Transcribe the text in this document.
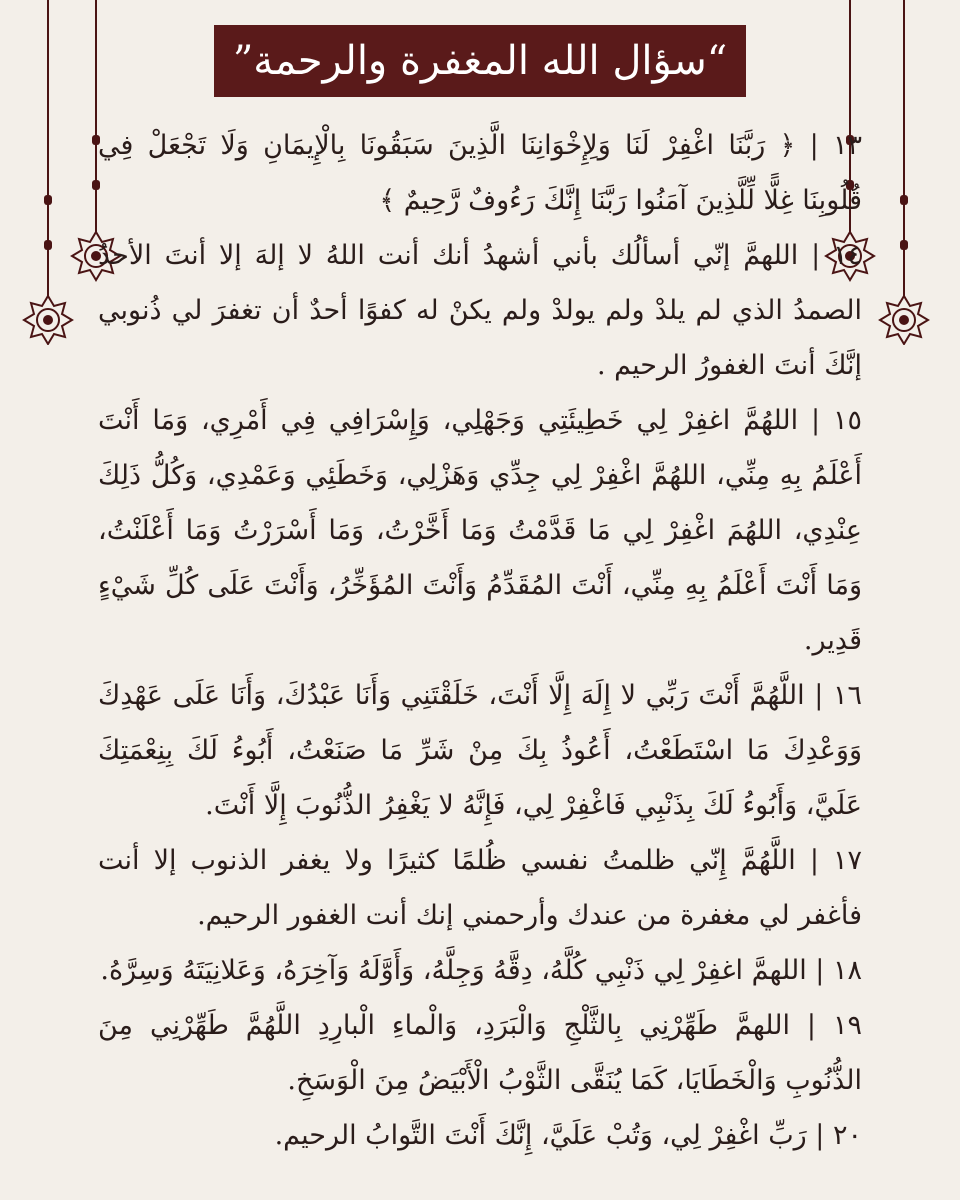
“سؤال الله المغفرة والرحمة”

١٣ | ﴿ رَبَّنَا اغْفِرْ لَنَا وَلِإِخْوَانِنَا الَّذِينَ سَبَقُونَا بِالْإِيمَانِ وَلَا تَجْعَلْ فِي قُلُوبِنَا غِلًّا لِّلَّذِينَ آمَنُوا رَبَّنَا إِنَّكَ رَءُوفٌ رَّحِيمٌ ﴾

١٤ | اللهمَّ إنّي أسألُك بأني أشهدُ أنك أنت اللهُ لا إلهَ إلا أنتَ الأحدُ الصمدُ الذي لم يلدْ ولم يولدْ ولم يكنْ له كفوًا أحدٌ أن تغفرَ لي ذُنوبي إنَّكَ أنتَ الغفورُ الرحيم .

١٥ | اللهُمَّ اغفِرْ لِي خَطِيئَتِي وَجَهْلِي، وَإِسْرَافِي فِي أَمْرِي، وَمَا أَنْتَ أَعْلَمُ بِهِ مِنِّي، اللهُمَّ اغْفِرْ لِي جِدِّي وَهَزْلِي، وَخَطَئِي وَعَمْدِي، وَكُلُّ ذَلِكَ عِنْدِي، اللهُمَ اغْفِرْ لِي مَا قَدَّمْتُ وَمَا أَخَّرْتُ، وَمَا أَسْرَرْتُ وَمَا أَعْلَنْتُ، وَمَا أَنْتَ أَعْلَمُ بِهِ مِنِّي، أَنْتَ المُقَدِّمُ وَأَنْتَ المُؤَخِّرُ، وَأَنْتَ عَلَى كُلِّ شَيْءٍ قَدِير.

١٦ | اللَّهُمَّ أَنْتَ رَبِّي لا إِلَهَ إِلَّا أَنْتَ، خَلَقْتَنِي وَأَنَا عَبْدُكَ، وَأَنَا عَلَى عَهْدِكَ وَوَعْدِكَ مَا اسْتَطَعْتُ، أَعُوذُ بِكَ مِنْ شَرِّ مَا صَنَعْتُ، أَبُوءُ لَكَ بِنِعْمَتِكَ عَلَيَّ، وَأَبُوءُ لَكَ بِذَنْبِي فَاغْفِرْ لِي، فَإِنَّهُ لا يَغْفِرُ الذُّنُوبَ إِلَّا أَنْتَ.

١٧ | اللَّهُمَّ إِنّي ظلمتُ نفسي ظُلمًا كثيرًا ولا يغفر الذنوب إلا أنت فأغفر لي مغفرة من عندك وأرحمني إنك أنت الغفور الرحيم.

١٨ | اللهمَّ اغفِرْ لِي ذَنْبِي كُلَّهُ، دِقَّهُ وَجِلَّهُ، وَأَوَّلَهُ وَآخِرَهُ، وَعَلانِيَتَهُ وَسِرَّهُ.

١٩ | اللهمَّ طَهِّرْنِي بِالثَّلْجِ وَالْبَرَدِ، وَالْماءِ الْبارِدِ اللَّهُمَّ طَهِّرْنِي مِنَ الذُّنُوبِ وَالْخَطَايَا، كَمَا يُنَقَّى الثَّوْبُ الْأَبْيَضُ مِنَ الْوَسَخِ.

٢٠ | رَبِّ اغْفِرْ لِي، وَتُبْ عَلَيَّ، إِنَّكَ أَنْتَ التَّوابُ الرحيم.
